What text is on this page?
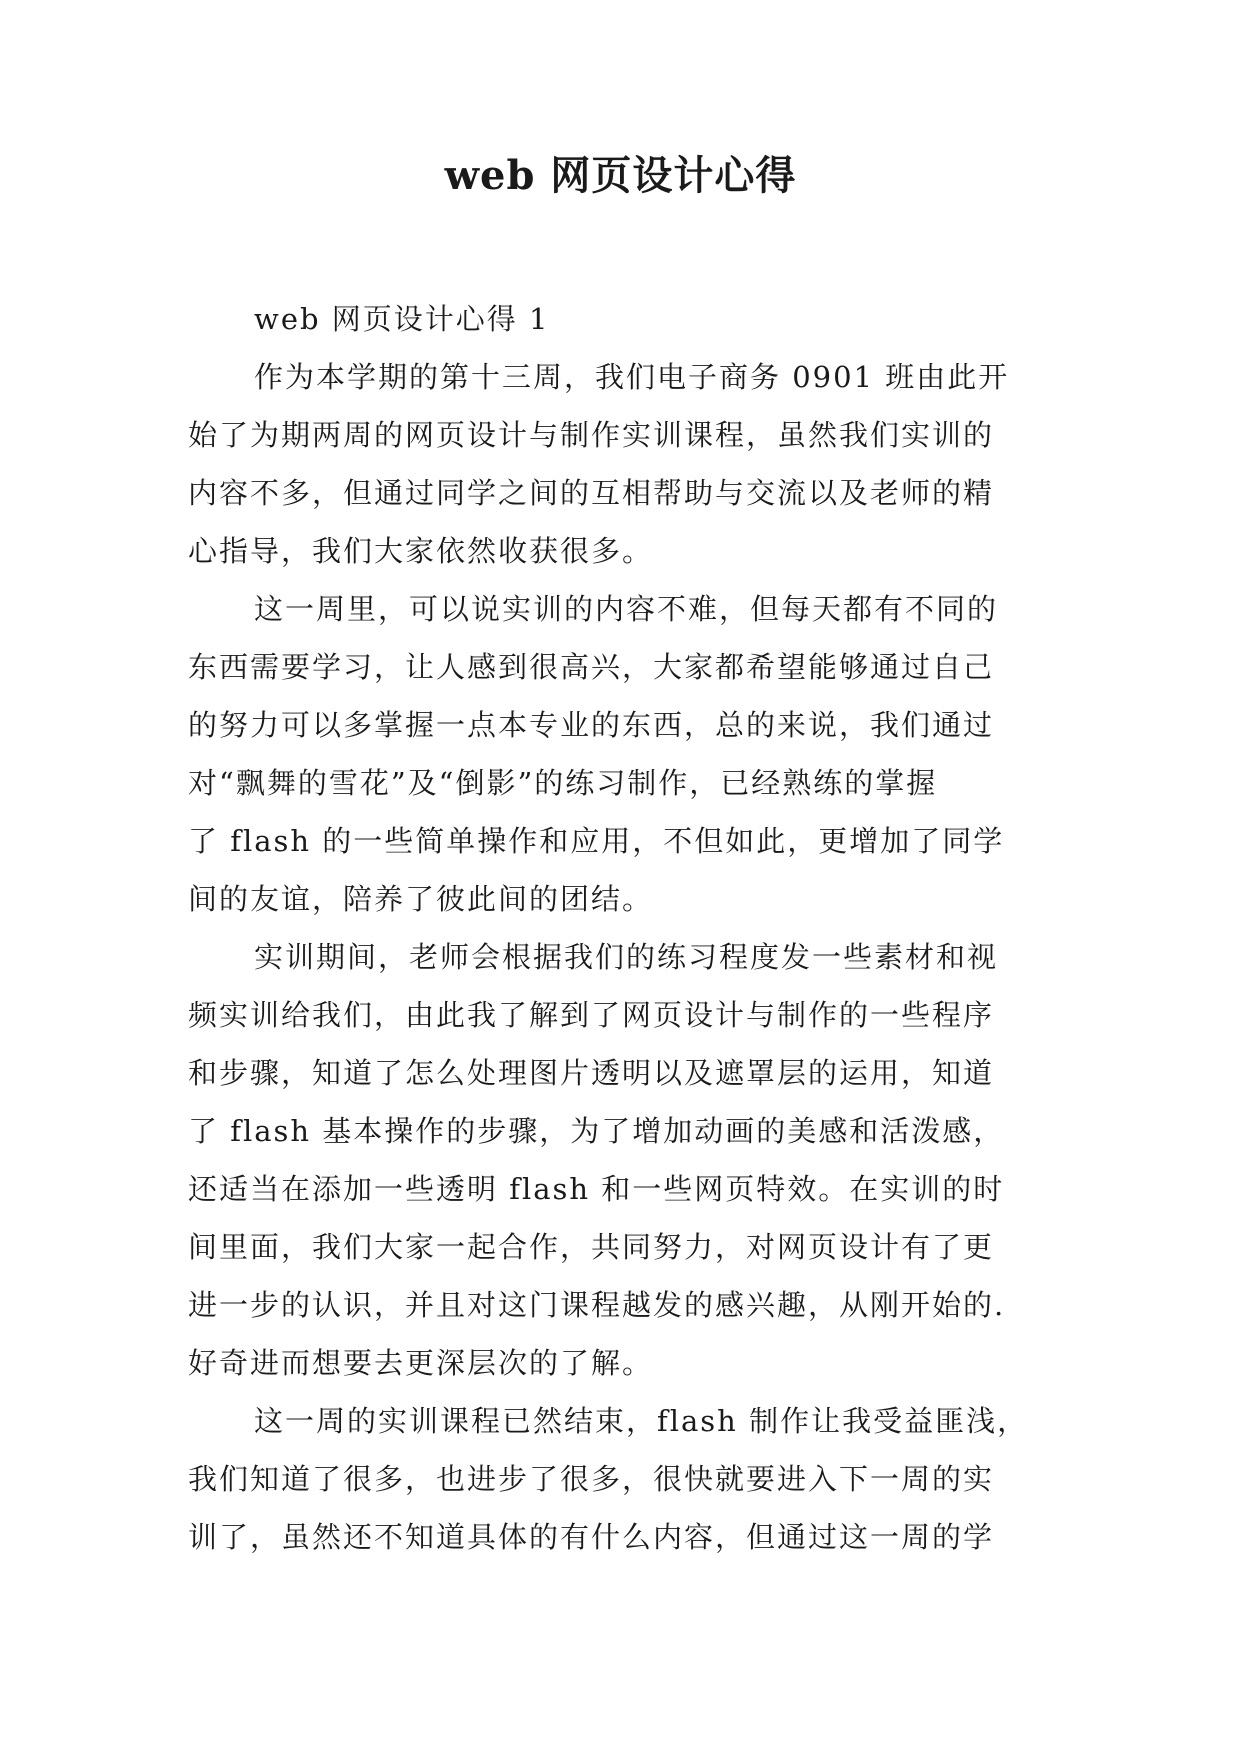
web 网页设计心得
web 网页设计心得 1
作为本学期的第十三周，我们电子商务 0901 班由此开
始了为期两周的网页设计与制作实训课程，虽然我们实训的
内容不多，但通过同学之间的互相帮助与交流以及老师的精
心指导，我们大家依然收获很多。
这一周里，可以说实训的内容不难，但每天都有不同的
东西需要学习，让人感到很高兴，大家都希望能够通过自己
的努力可以多掌握一点本专业的东西，总的来说，我们通过
对“飘舞的雪花”及“倒影”的练习制作，已经熟练的掌握
了 flash 的一些简单操作和应用，不但如此，更增加了同学
间的友谊，陪养了彼此间的团结。
实训期间，老师会根据我们的练习程度发一些素材和视
频实训给我们，由此我了解到了网页设计与制作的一些程序
和步骤，知道了怎么处理图片透明以及遮罩层的运用，知道
了 flash 基本操作的步骤，为了增加动画的美感和活泼感，
还适当在添加一些透明 flash 和一些网页特效。在实训的时
间里面，我们大家一起合作，共同努力，对网页设计有了更
进一步的认识，并且对这门课程越发的感兴趣，从刚开始的.
好奇进而想要去更深层次的了解。
这一周的实训课程已然结束，flash 制作让我受益匪浅，
我们知道了很多，也进步了很多，很快就要进入下一周的实
训了，虽然还不知道具体的有什么内容，但通过这一周的学
